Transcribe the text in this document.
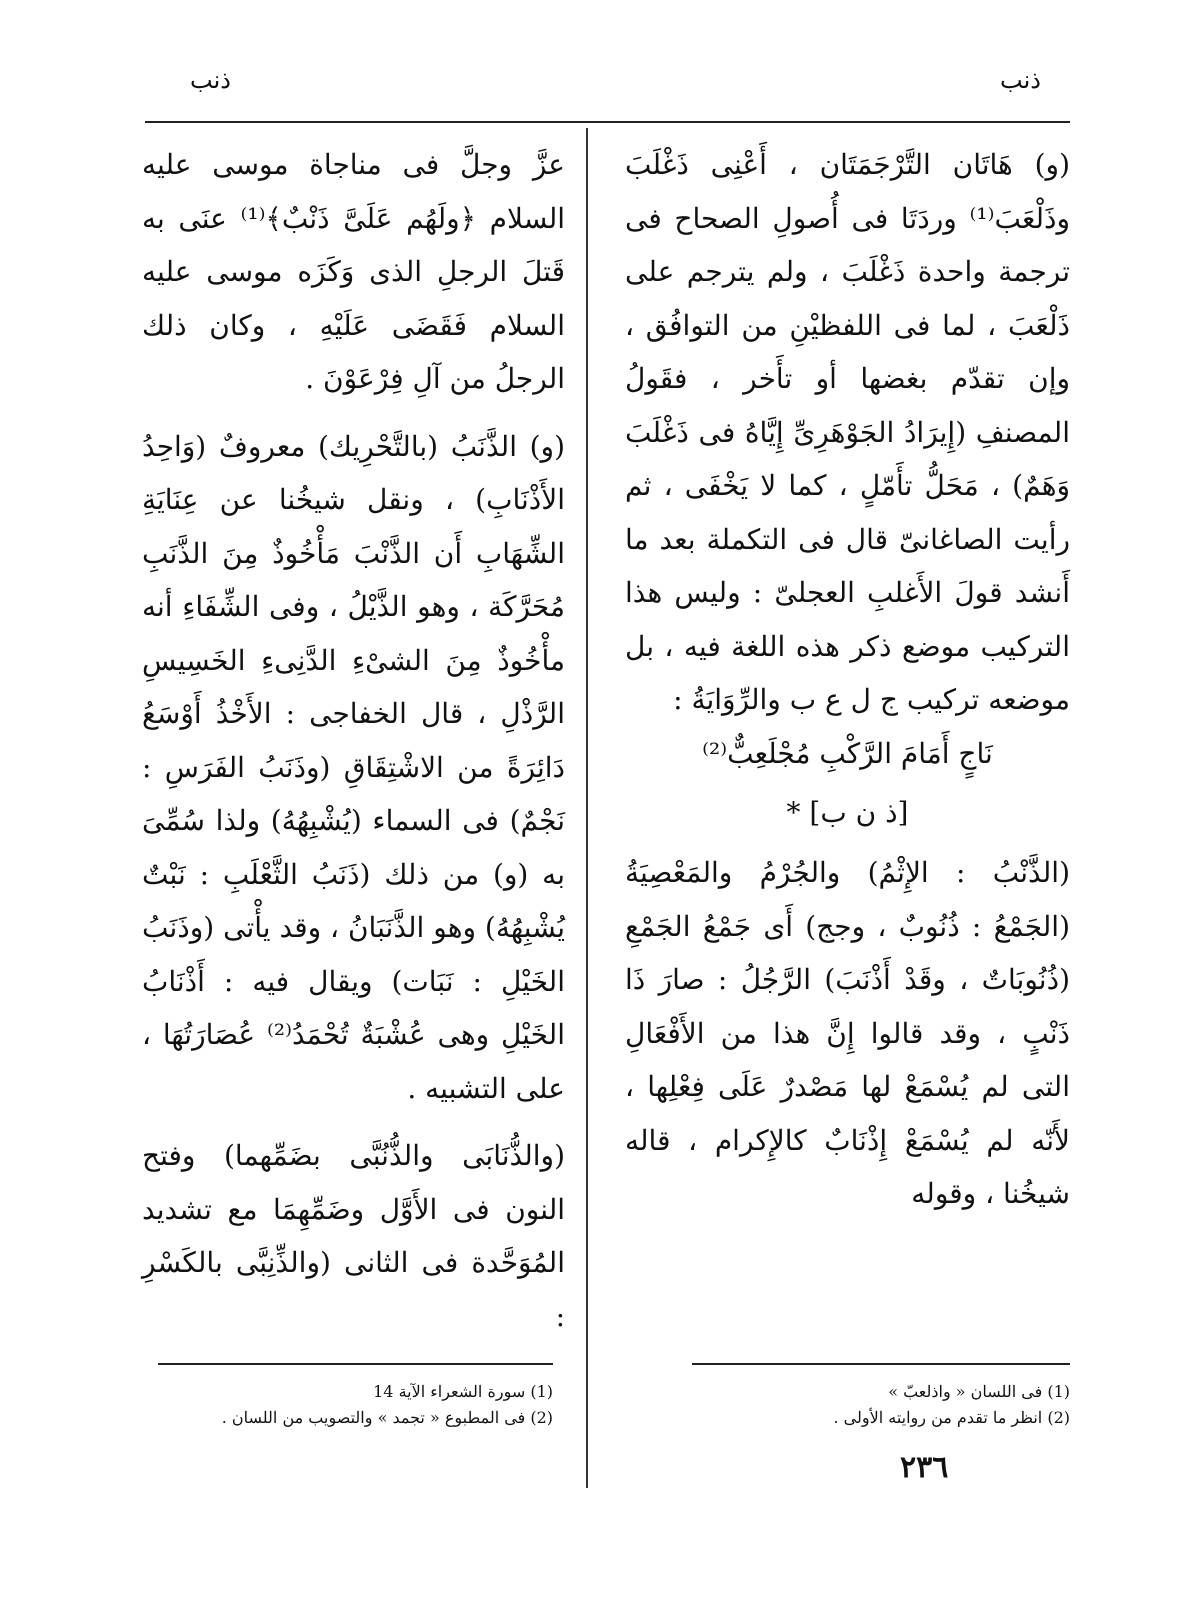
ذنب
ذنب

(و) هَاتَان التَّرْجَمَتَان ، أَعْنِى ذَغْلَبَ وذَلْعَبَ⁽¹⁾ وردَتَا فى أُصولِ الصحاح فى ترجمة واحدة ذَغْلَبَ ، ولم يترجم على ذَلْعَبَ ، لما فى اللفظيْنِ من التوافُق ، وإن تقدّم بغضها أو تأَخر ، فقَولُ المصنفِ (إِيرَادُ الجَوْهَرِىِّ إِيَّاهُ فى ذَغْلَبَ وَهَمٌ) ، مَحَلُّ تأَمّلٍ ، كما لا يَخْفَى ، ثم رأيت الصاغانىّ قال فى التكملة بعد ما أَنشد قولَ الأَغلبِ العجلىّ : وليس هذا التركيب موضع ذكر هذه اللغة فيه ، بل موضعه تركيب ج ل ع ب والرِّوَايَةُ :

نَاجٍ أَمَامَ الرَّكْبِ مُجْلَعِبٌّ⁽²⁾

[ذ ن ب] *

(الذَّنْبُ : الإِثْمُ) والجُرْمُ والمَعْصِيَةُ (الجَمْعُ : ذُنُوبٌ ، وجج) أَى جَمْعُ الجَمْعِ (ذُنُوبَاتٌ ، وقَدْ أَذْنَبَ) الرَّجُلُ : صارَ ذَا ذَنْبٍ ، وقد قالوا إِنَّ هذا من الأَفْعَالِ التى لم يُسْمَعْ لها مَصْدرٌ عَلَى فِعْلِها ، لأَنّه لم يُسْمَعْ إِذْنَابٌ كالإِكرام ، قاله شيخُنا ، وقوله

عزَّ وجلَّ فى مناجاة موسى عليه السلام ﴿ولَهُم عَلَىَّ ذَنْبٌ﴾⁽¹⁾ عنَى به قَتلَ الرجلِ الذى وَكَزَه موسى عليه السلام فَقَضَى عَلَيْهِ ، وكان ذلك الرجلُ من آلِ فِرْعَوْنَ .

(و) الذَّنَبُ (بالتَّحْرِيك) معروفٌ (وَاحِدُ الأَذْنَابِ) ، ونقل شيخُنا عن عِنَايَةِ الشِّهَابِ أَن الذَّنْبَ مَأْخُوذٌ مِنَ الذَّنَبِ مُحَرَّكَة ، وهو الذَّيْلُ ، وفى الشِّفَاءِ أنه مأْخُوذٌ مِنَ الشىْءِ الدَّنِىءِ الخَسِيسِ الرَّذْلِ ، قال الخفاجى : الأَخْذُ أَوْسَعُ دَائِرَةً من الاشْتِقَاقِ (وذَنَبُ الفَرَسِ : نَجْمٌ) فى السماء (يُشْبِهُهُ) ولذا سُمِّىَ به (و) من ذلك (ذَنَبُ الثَّعْلَبِ : نَبْتٌ يُشْبِهُهُ) وهو الذَّنَبَانُ ، وقد يأْتى (وذَنَبُ الخَيْلِ : نَبَات) ويقال فيه : أَذْنَابُ الخَيْلِ وهى عُشْبَةٌ تُحْمَدُ⁽²⁾ عُصَارَتُهَا ، على التشبيه .

(والذُّنَابَى والذُّنُبَّى بضَمِّهما) وفتح النون فى الأَوَّل وضَمِّهِمَا مع تشديد المُوَحَّدة فى الثانى (والذِّنِبَّى بالكَسْرِ :

(1) فى اللسان « واذلعبّ »

(2) انظر ما تقدم من روايته الأولى .

(1) سورة الشعراء الآية 14

(2) فى المطبوع « تجمد » والتصويب من اللسان .

٢٣٦
